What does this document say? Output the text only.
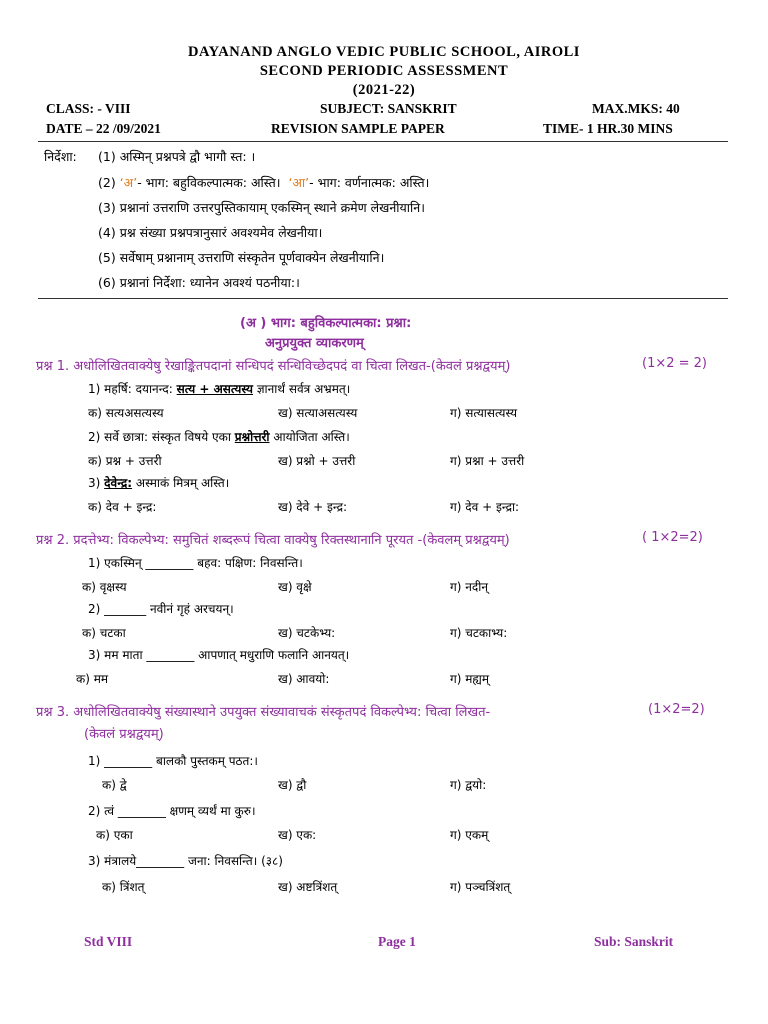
DAYANAND ANGLO VEDIC PUBLIC SCHOOL, AIROLI
SECOND PERIODIC ASSESSMENT
(2021-22)
CLASS: - VIII	SUBJECT: SANSKRIT	MAX.MKS: 40
DATE – 22 /09/2021	REVISION SAMPLE PAPER	TIME- 1 HR.30 MINS
निर्देशा: (1) अस्मिन् प्रश्नपत्रे द्वौ भागौ स्त: ।
(2) ‘अ’- भाग: बहुविकल्पात्मक: अस्ति। ‘आ’- भाग: वर्णनात्मक: अस्ति।
(3) प्रश्नानां उत्तराणि उत्तरपुस्तिकायाम् एकस्मिन् स्थाने क्रमेण लेखनीयानि।
(4) प्रश्न संख्या प्रश्नपत्रानुसारं अवश्यमेव लेखनीया।
(5) सर्वेषाम् प्रश्नानाम् उत्तराणि संस्कृतेन पूर्णवाक्येन लेखनीयानि।
(6) प्रश्नानां निर्देशा: ध्यानेन अवश्यं पठनीया:।
(अ ) भाग: बहुविकल्पात्मका: प्रश्ना:
अनुप्रयुक्त व्याकरणम्
प्रश्न 1. अधोलिखितवाक्येषु रेखाङ्कितपदानां सन्धिपदं सन्धिविच्छेदपदं वा चित्वा लिखत-(केवलं प्रश्नद्वयम्)	(1×2 = 2)
1) महर्षि: दयानन्द: सत्य + असत्यस्य ज्ञानार्थं सर्वत्र अभ्रमत्।
क) सत्यअसत्यस्य	ख) सत्याअसत्यस्य	ग) सत्यासत्यस्य
2) सर्वे छात्रा: संस्कृत विषये एका प्रश्नोत्तरी आयोजिता अस्ति।
क) प्रश्न + उत्तरी	ख) प्रश्नो + उत्तरी	ग) प्रश्ना + उत्तरी
3) देवेन्द्र: अस्माकं मित्रम् अस्ति।
क) देव + इन्द्र:	ख) देवे + इन्द्र:	ग) देव + इन्द्रा:
प्रश्न 2. प्रदत्तेभ्य: विकल्पेभ्य: समुचितं शब्दरूपं चित्वा वाक्येषु रिक्तस्थानानि पूरयत -(केवलम् प्रश्नद्वयम्)	( 1×2=2)
1) एकस्मिन् ________ बहव: पक्षिण: निवसन्ति।
क) वृक्षस्य	ख) वृक्षे	ग) नदीन्
2) _______ नवीनं गृहं अरचयन्।
क) चटका	ख) चटकेभ्य:	ग) चटकाभ्य:
3) मम माता ________ आपणात् मधुराणि फलानि आनयत्।
क) मम	ख) आवयो:	ग) मह्यम्
प्रश्न 3. अधोलिखितवाक्येषु संख्यास्थाने उपयुक्त संख्यावाचकं संस्कृतपदं विकल्पेभ्य: चित्वा लिखत-	(1×2=2)
(केवलं प्रश्नद्वयम्)
1) ________ बालकौ पुस्तकम् पठत:।
क) द्वे	ख) द्वौ	ग) द्वयो:
2) त्वं ________ क्षणम् व्यर्थं मा कुरु।
क) एका	ख) एक:	ग) एकम्
3) मंत्रालये________ जना: निवसन्ति। (३८)
क) त्रिंशत्	ख) अष्टत्रिंशत्	ग) पञ्चत्रिंशत्
Std VIII	Page 1	Sub: Sanskrit
